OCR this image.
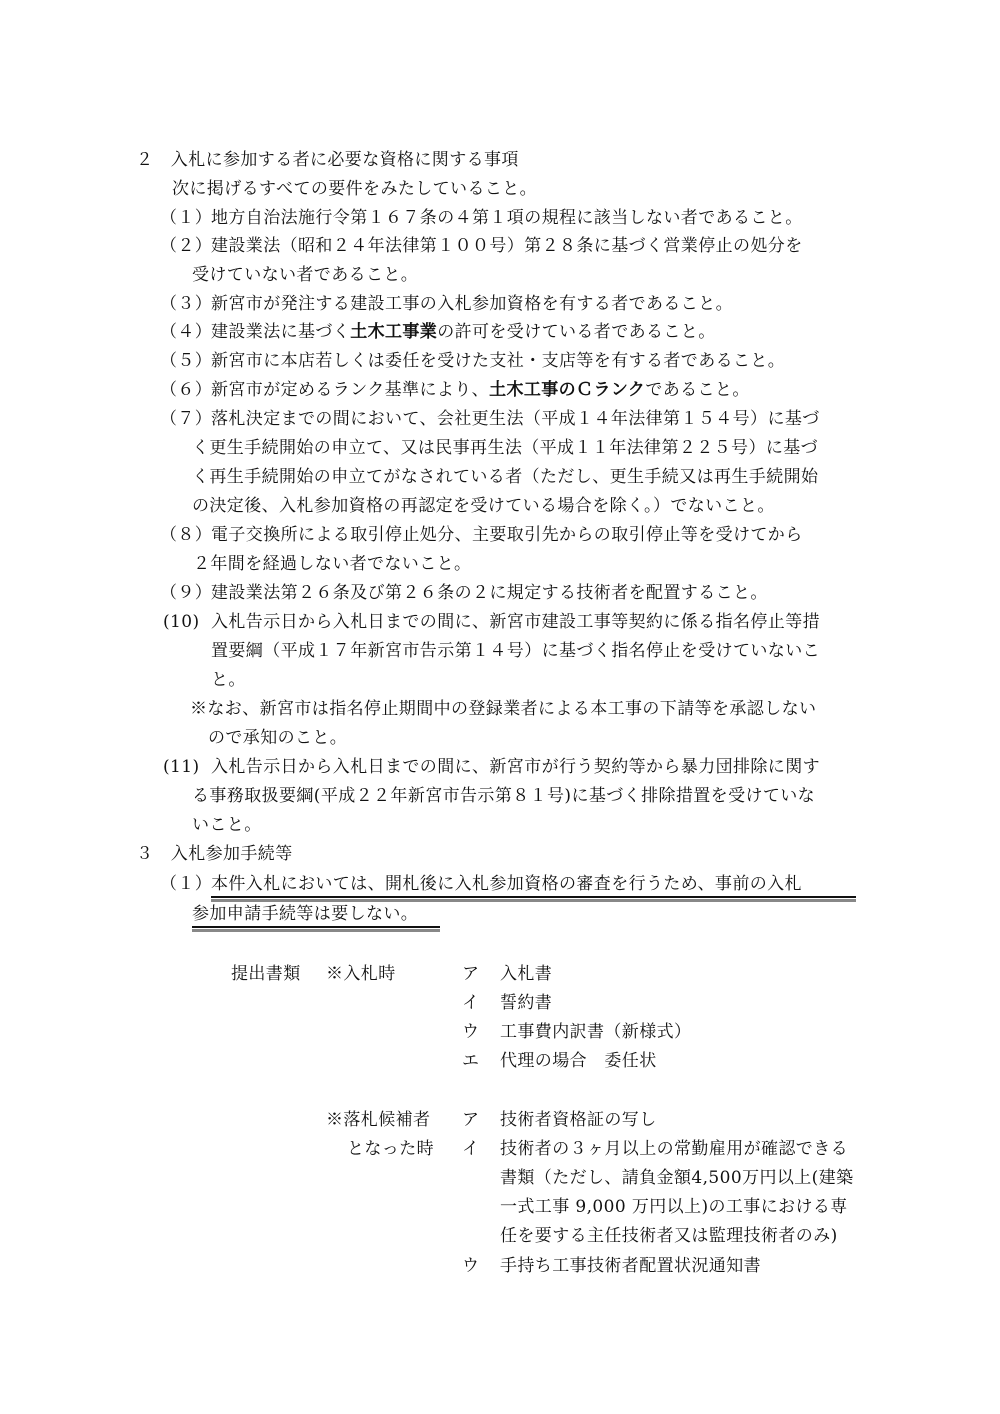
２　入札に参加する者に必要な資格に関する事項
次に掲げるすべての要件をみたしていること。
（１）
地方自治法施行令第１６７条の４第１項の規程に該当しない者であること。
（２）
建設業法（昭和２４年法律第１００号）第２８条に基づく営業停止の処分を
受けていない者であること。
（３）
新宮市が発注する建設工事の入札参加資格を有する者であること。
（４）
建設業法に基づく土木工事業の許可を受けている者であること。
（５）
新宮市に本店若しくは委任を受けた支社・支店等を有する者であること。
（６）
新宮市が定めるランク基準により、土木工事のＣランクであること。
（７）
落札決定までの間において、会社更生法（平成１４年法律第１５４号）に基づ
く更生手続開始の申立て、又は民事再生法（平成１１年法律第２２５号）に基づ
く再生手続開始の申立てがなされている者（ただし、更生手続又は再生手続開始
の決定後、入札参加資格の再認定を受けている場合を除く。）でないこと。
（８）
電子交換所による取引停止処分、主要取引先からの取引停止等を受けてから
２年間を経過しない者でないこと。
（９）
建設業法第２６条及び第２６条の２に規定する技術者を配置すること。
(10) 入札告示日から入札日までの間に、新宮市建設工事等契約に係る指名停止等措
置要綱（平成１７年新宮市告示第１４号）に基づく指名停止を受けていないこ
と。
※なお、新宮市は指名停止期間中の登録業者による本工事の下請等を承認しない
ので承知のこと。
(11) 入札告示日から入札日までの間に、新宮市が行う契約等から暴力団排除に関す
る事務取扱要綱(平成２２年新宮市告示第８１号)に基づく排除措置を受けていな
いこと。
３　入札参加手続等
（１）
本件入札においては、開札後に入札参加資格の審査を行うため、事前の入札
参加申請手続等は要しない。
提出書類 ※入札時	ア 入札書
イ 誓約書
ウ 工事費内訳書（新様式）
エ 代理の場合　委任状
※落札候補者
となった時
ア 技術者資格証の写し
イ 技術者の３ヶ月以上の常勤雇用が確認できる
書類（ただし、請負金額4,500万円以上(建築
一式工事 9,000 万円以上)の工事における専
任を要する主任技術者又は監理技術者のみ)
ウ 手持ち工事技術者配置状況通知書
